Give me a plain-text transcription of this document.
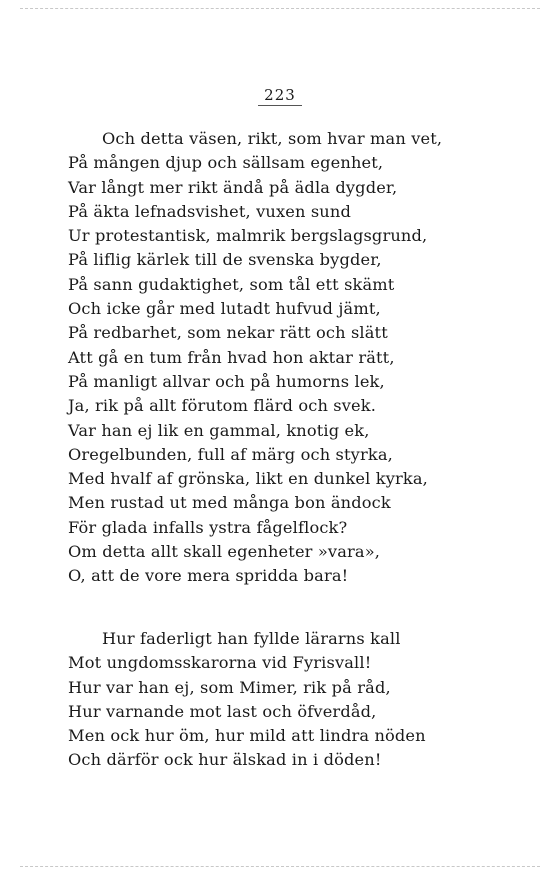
223
Och detta väsen, rikt, som hvar man vet,
På mången djup och sällsam egenhet,
Var långt mer rikt ändå på ädla dygder,
På äkta lefnadsvishet, vuxen sund
Ur protestantisk, malmrik bergslagsgrund,
På liflig kärlek till de svenska bygder,
På sann gudaktighet, som tål ett skämt
Och icke går med lutadt hufvud jämt,
På redbarhet, som nekar rätt och slätt
Att gå en tum från hvad hon aktar rätt,
På manligt allvar och på humorns lek,
Ja, rik på allt förutom flärd och svek.
Var han ej lik en gammal, knotig ek,
Oregelbunden, full af märg och styrka,
Med hvalf af grönska, likt en dunkel kyrka,
Men rustad ut med många bon ändock
För glada infalls ystra fågelflock?
Om detta allt skall egenheter »vara»,
O, att de vore mera spridda bara!
Hur faderligt han fyllde lärarns kall
Mot ungdomsskarorna vid Fyrisvall!
Hur var han ej, som Mimer, rik på råd,
Hur varnande mot last och öfverdåd,
Men ock hur öm, hur mild att lindra nöden
Och därför ock hur älskad in i döden!
